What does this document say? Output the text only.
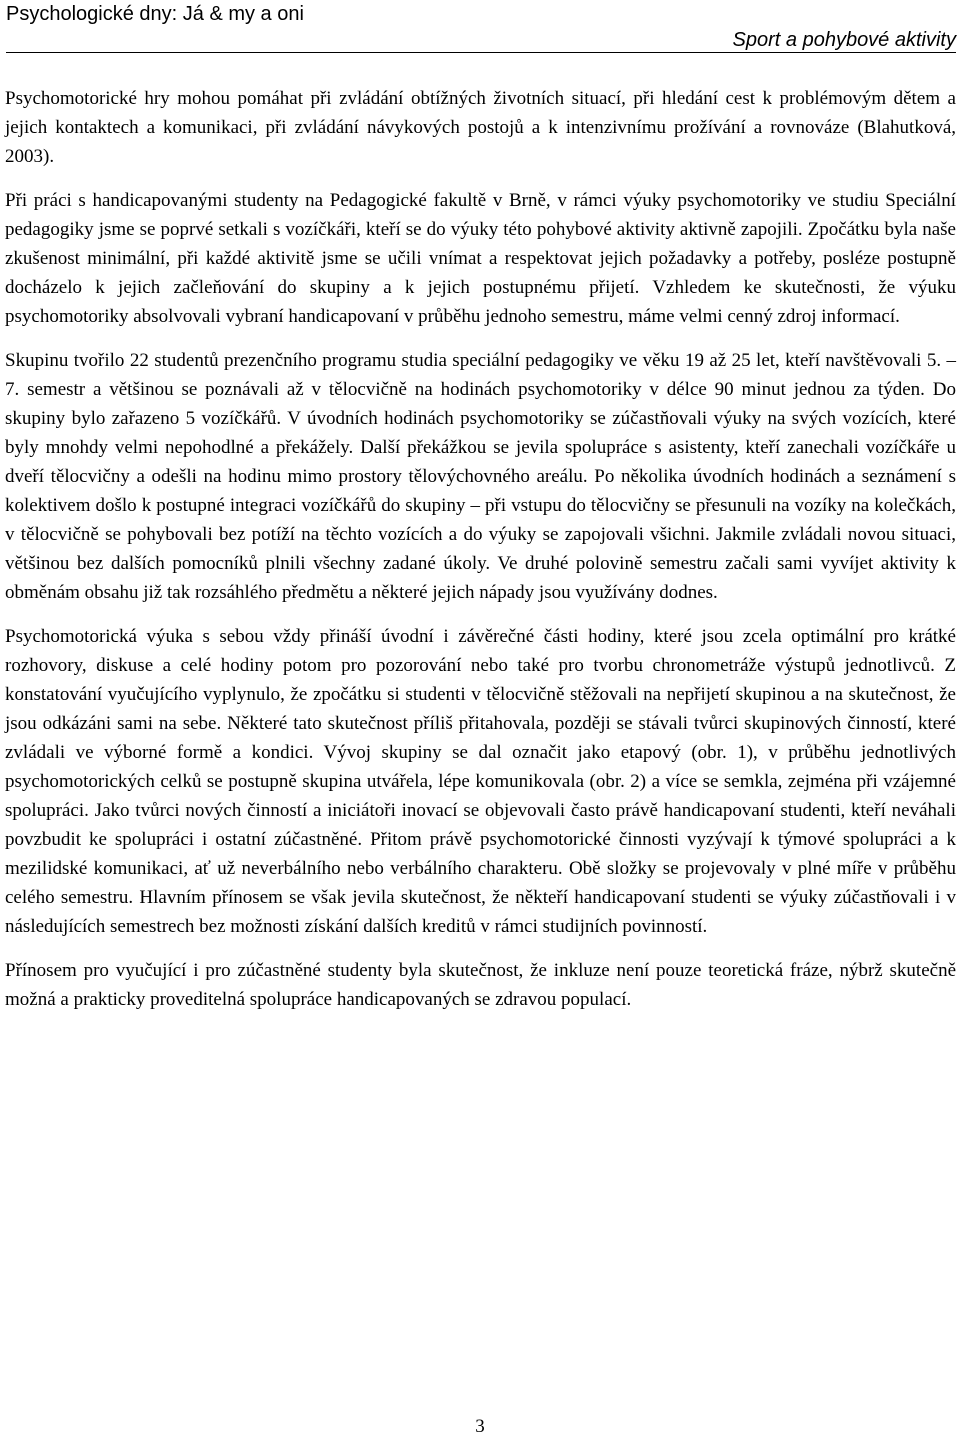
Psychologické dny: Já & my a oni
Sport a pohybové aktivity

Psychomotorické hry mohou pomáhat při zvládání obtížných životních situací, při hledání cest k problémovým dětem a jejich kontaktech a komunikaci, při zvládání návykových postojů a k intenzivnímu prožívání a rovnováze (Blahutková, 2003).

Při práci s handicapovanými studenty na Pedagogické fakultě v Brně, v rámci výuky psychomotoriky ve studiu Speciální pedagogiky jsme se poprvé setkali s vozíčkáři, kteří se do výuky této pohybové aktivity aktivně zapojili. Zpočátku byla naše zkušenost minimální, při každé aktivitě jsme se učili vnímat a respektovat jejich požadavky a potřeby, posléze postupně docházelo k jejich začleňování do skupiny a k jejich postupnému přijetí. Vzhledem ke skutečnosti, že výuku psychomotoriky absolvovali vybraní handicapovaní v průběhu jednoho semestru, máme velmi cenný zdroj informací.

Skupinu tvořilo 22 studentů prezenčního programu studia speciální pedagogiky ve věku 19 až 25 let, kteří navštěvovali 5. – 7. semestr a většinou se poznávali až v tělocvičně na hodinách psychomotoriky v délce 90 minut jednou za týden. Do skupiny bylo zařazeno 5 vozíčkářů. V úvodních hodinách psychomotoriky se zúčastňovali výuky na svých vozících, které byly mnohdy velmi nepohodlné a překážely. Další překážkou se jevila spolupráce s asistenty, kteří zanechali vozíčkáře u dveří tělocvičny a odešli na hodinu mimo prostory tělovýchovného areálu. Po několika úvodních hodinách a seznámení s kolektivem došlo k postupné integraci vozíčkářů do skupiny – při vstupu do tělocvičny se přesunuli na vozíky na kolečkách, v tělocvičně se pohybovali bez potíží na těchto vozících a do výuky se zapojovali všichni. Jakmile zvládali novou situaci, většinou bez dalších pomocníků plnili všechny zadané úkoly. Ve druhé polovině semestru začali sami vyvíjet aktivity k obměnám obsahu již tak rozsáhlého předmětu a některé jejich nápady jsou využívány dodnes.

Psychomotorická výuka s sebou vždy přináší úvodní i závěrečné části hodiny, které jsou zcela optimální pro krátké rozhovory, diskuse a celé hodiny potom pro pozorování nebo také pro tvorbu chronometráže výstupů jednotlivců. Z konstatování vyučujícího vyplynulo, že zpočátku si studenti v tělocvičně stěžovali na nepřijetí skupinou a na skutečnost, že jsou odkázáni sami na sebe. Některé tato skutečnost příliš přitahovala, později se stávali tvůrci skupinových činností, které zvládali ve výborné formě a kondici. Vývoj skupiny se dal označit jako etapový (obr. 1), v průběhu jednotlivých psychomotorických celků se postupně skupina utvářela, lépe komunikovala (obr. 2) a více se semkla, zejména při vzájemné spolupráci. Jako tvůrci nových činností a iniciátoři inovací se objevovali často právě handicapovaní studenti, kteří neváhali povzbudit ke spolupráci i ostatní zúčastněné. Přitom právě psychomotorické činnosti vyzývají k týmové spolupráci a k mezilidské komunikaci, ať už neverbálního nebo verbálního charakteru. Obě složky se projevovaly v plné míře v průběhu celého semestru. Hlavním přínosem se však jevila skutečnost, že někteří handicapovaní studenti se výuky zúčastňovali i v následujících semestrech bez možnosti získání dalších kreditů v rámci studijních povinností.

Přínosem pro vyučující i pro zúčastněné studenty byla skutečnost, že inkluze není pouze teoretická fráze, nýbrž skutečně možná a prakticky proveditelná spolupráce handicapovaných se zdravou populací.

3
